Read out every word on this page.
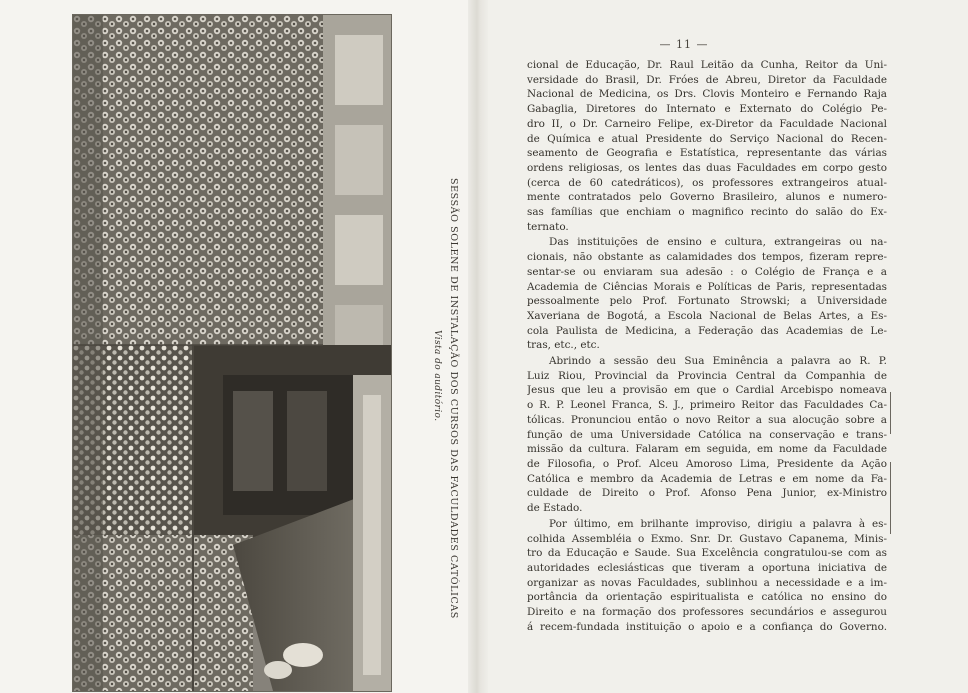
SESSÃO SOLENE DE INSTALAÇÃO DOS CURSOS DAS FACULDADES CATÓLICAS
Vista do auditório.
— 11 —
cional de Educação, Dr. Raul Leitão da Cunha, Reitor da Uni-
versidade do Brasil, Dr. Fróes de Abreu, Diretor da Faculdade
Nacional de Medicina, os Drs. Clovis Monteiro e Fernando Raja
Gabaglia, Diretores do Internato e Externato do Colégio Pe-
dro II, o Dr. Carneiro Felipe, ex-Diretor da Faculdade Nacional
de Química e atual Presidente do Serviço Nacional do Recen-
seamento de Geografia e Estatística, representante das várias
ordens religiosas, os lentes das duas Faculdades em corpo gesto
(cerca de 60 catedráticos), os professores extrangeiros atual-
mente contratados pelo Governo Brasileiro, alunos e numero-
sas famílias que enchiam o magnifico recinto do salão do Ex-
ternato.
Das instituições de ensino e cultura, extrangeiras ou na-
cionais, não obstante as calamidades dos tempos, fizeram repre-
sentar-se ou enviaram sua adesão : o Colégio de França e a
Academia de Ciências Morais e Políticas de Paris, representadas
pessoalmente pelo Prof. Fortunato Strowski; a Universidade
Xaveriana de Bogotá, a Escola Nacional de Belas Artes, a Es-
cola Paulista de Medicina, a Federação das Academias de Le-
tras, etc., etc.
Abrindo a sessão deu Sua Eminência a palavra ao R. P.
Luiz Riou, Provincial da Provincia Central da Companhia de
Jesus que leu a provisão em que o Cardial Arcebispo nomeava
o R. P. Leonel Franca, S. J., primeiro Reitor das Faculdades Ca-
tólicas. Pronunciou então o novo Reitor a sua alocução sobre a
função de uma Universidade Católica na conservação e trans-
missão da cultura. Falaram em seguida, em nome da Faculdade
de Filosofia, o Prof. Alceu Amoroso Lima, Presidente da Ação
Católica e membro da Academia de Letras e em nome da Fa-
culdade de Direito o Prof. Afonso Pena Junior, ex-Ministro
de Estado.
Por último, em brilhante improviso, dirigiu a palavra à es-
colhida Assembléia o Exmo. Snr. Dr. Gustavo Capanema, Minis-
tro da Educação e Saude. Sua Excelência congratulou-se com as
autoridades eclesiásticas que tiveram a oportuna iniciativa de
organizar as novas Faculdades, sublinhou a necessidade e a im-
portância da orientação espiritualista e católica no ensino do
Direito e na formação dos professores secundários e assegurou
á recem-fundada instituição o apoio e a confiança do Governo.
